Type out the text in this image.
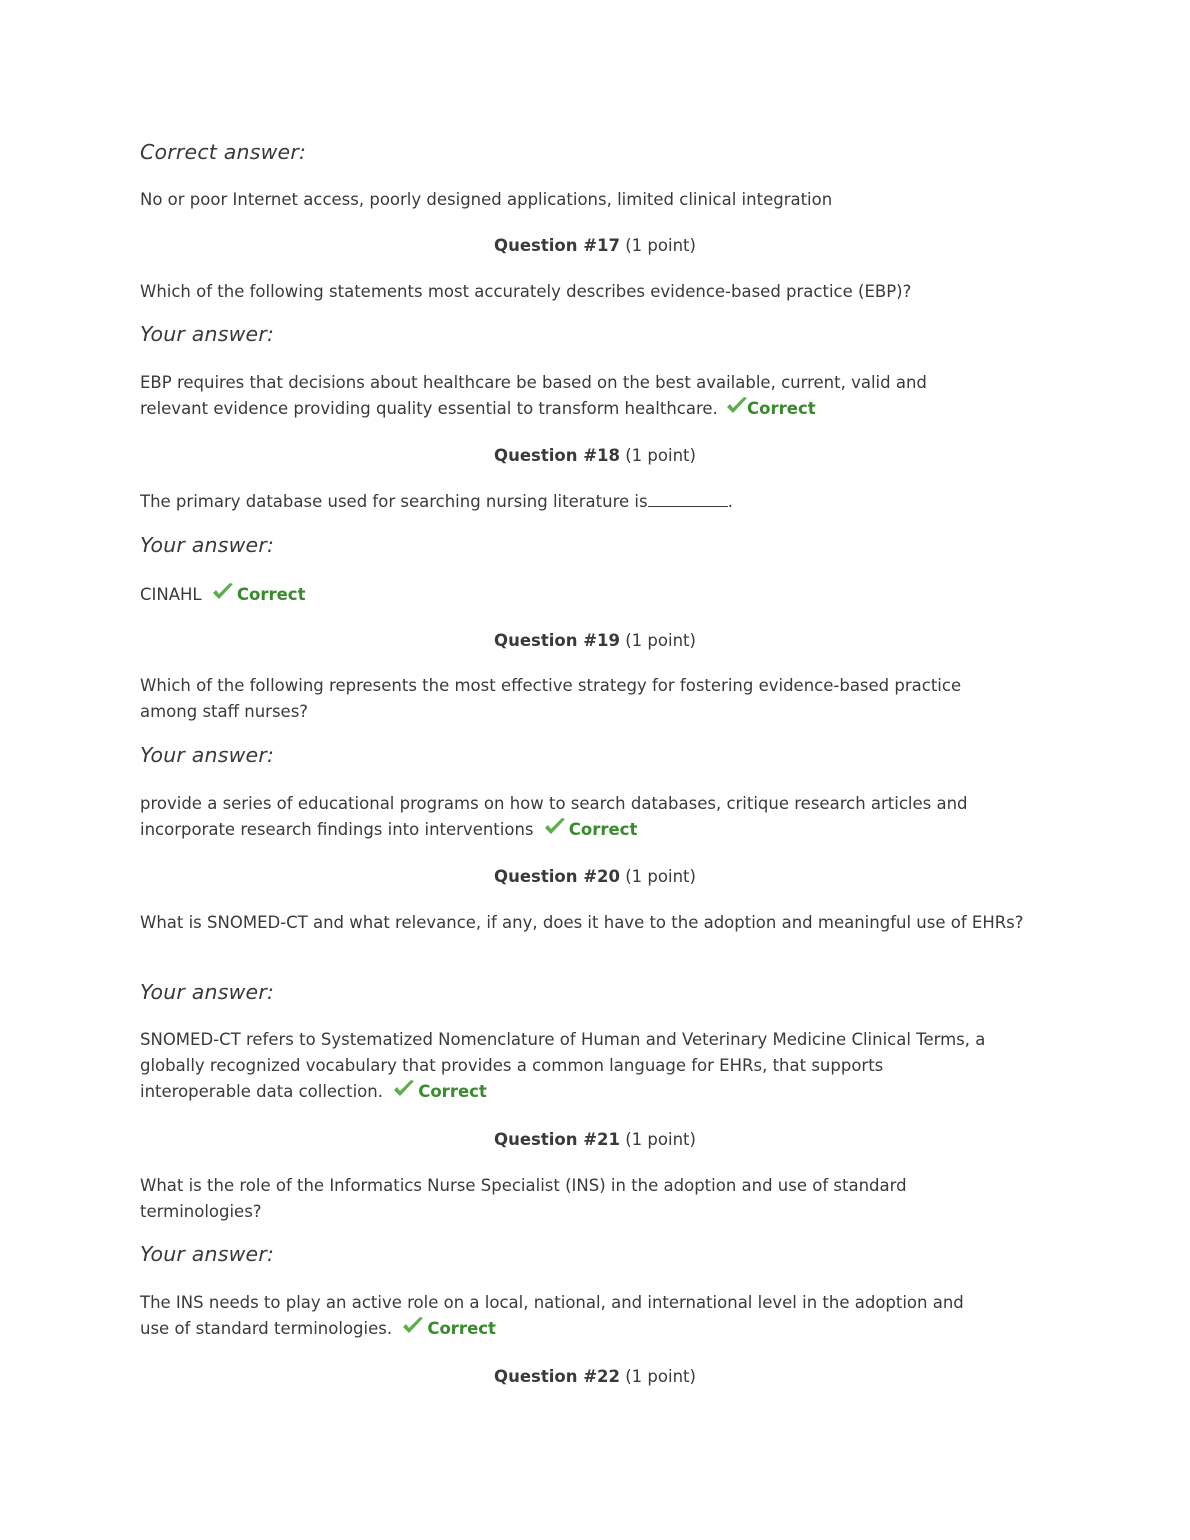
Correct answer:
No or poor Internet access, poorly designed applications, limited clinical integration
Question #17 (1 point)
Which of the following statements most accurately describes evidence-based practice (EBP)?
Your answer:
EBP requires that decisions about healthcare be based on the best available, current, valid and
relevant evidence providing quality essential to transform healthcare. Correct
Question #18 (1 point)
The primary database used for searching nursing literature is	.
Your answer:
CINAHL Correct
Question #19 (1 point)
Which of the following represents the most effective strategy for fostering evidence-based practice among staff nurses?
Your answer:
provide a series of educational programs on how to search databases, critique research articles and
incorporate research findings into interventions Correct
Question #20 (1 point)
What is SNOMED-CT and what relevance, if any, does it have to the adoption and meaningful use of EHRs?
Your answer:
SNOMED-CT refers to Systematized Nomenclature of Human and Veterinary Medicine Clinical Terms, a
globally recognized vocabulary that provides a common language for EHRs, that supports
interoperable data collection. Correct
Question #21 (1 point)
What is the role of the Informatics Nurse Specialist (INS) in the adoption and use of standard terminologies?
Your answer:
The INS needs to play an active role on a local, national, and international level in the adoption and
use of standard terminologies. Correct
Question #22 (1 point)
